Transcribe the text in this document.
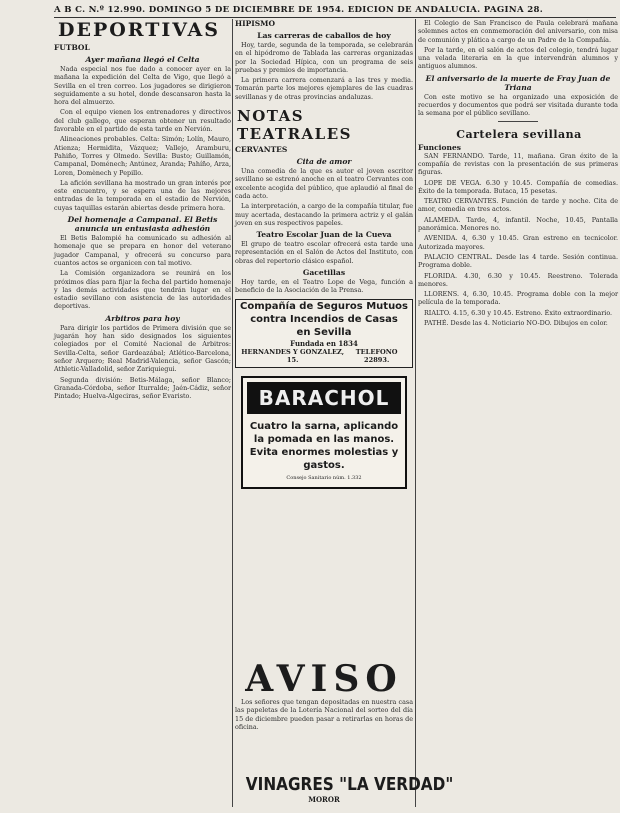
A B C. N.º 12.990. DOMINGO 5 DE DICIEMBRE DE 1954. EDICION DE ANDALUCIA. PAGINA 28.
DEPORTIVAS
FUTBOL
Ayer mañana llegó el Celta

Nada especial nos fue dado a conocer ayer en la mañana la expedición del Celta de Vigo, que llegó a Sevilla en el tren correo. Los jugadores se dirigieron seguidamente a su hotel, donde descansaron hasta la hora del almuerzo.

Con el equipo vienen los entrenadores y directivos del club gallego, que esperan obtener un resultado favorable en el partido de esta tarde en Nervión.

Alineaciones probables. Celta: Simón; Lolín, Mauro, Atienza; Hermidita, Vázquez; Vallejo, Aramburu, Pahiño, Torres y Olmedo. Sevilla: Busto; Guillamón, Campanal, Doménech; Antúnez, Aranda; Pahíño, Arza, Loren, Domènech y Pepillo.

La afición sevillana ha mostrado un gran interés por este encuentro, y se espera una de las mejores entradas de la temporada en el estadio de Nervión, cuyas taquillas estarán abiertas desde primera hora.

Del homenaje a Campanal. El Betis anuncia un entusiasta adhesión

El Betis Balompié ha comunicado su adhesión al homenaje que se prepara en honor del veterano jugador Campanal, y ofrecerá su concurso para cuantos actos se organicen con tal motivo.

La Comisión organizadora se reunirá en los próximos días para fijar la fecha del partido homenaje y las demás actividades que tendrán lugar en el estadio sevillano con asistencia de las autoridades deportivas.

Arbitros para hoy

Para dirigir los partidos de Primera división que se jugarán hoy han sido designados los siguientes colegiados por el Comité Nacional de Arbitros: Sevilla-Celta, señor Gardeazábal; Atlético-Barcelona, señor Arquero; Real Madrid-Valencia, señor Gascón; Athletic-Valladolid, señor Zariquiegui.

Segunda división: Betis-Málaga, señor Blanco; Granada-Córdoba, señor Iturralde; Jaén-Cádiz, señor Pintado; Huelva-Algeciras, señor Evaristo.

HIPISMO
Las carreras de caballos de hoy

Hoy, tarde, segunda de la temporada, se celebrarán en el hipódromo de Tablada las carreras organizadas por la Sociedad Hípica, con un programa de seis pruebas y premios de importancia.

La primera carrera comenzará a las tres y media. Tomarán parte los mejores ejemplares de las cuadras sevillanas y de otras provincias andaluzas.

NOTAS TEATRALES
CERVANTES
Cita de amor

Una comedia de la que es autor el joven escritor sevillano se estrenó anoche en el teatro Cervantes con excelente acogida del público, que aplaudió al final de cada acto.

La interpretación, a cargo de la compañía titular, fue muy acertada, destacando la primera actriz y el galán joven en sus respectivos papeles.

Teatro Escolar Juan de la Cueva

El grupo de teatro escolar ofrecerá esta tarde una representación en el Salón de Actos del Instituto, con obras del repertorio clásico español.

Gacetillas

Hoy tarde, en el Teatro Lope de Vega, función a beneficio de la Asociación de la Prensa.

Compañía de Seguros Mutuos
contra Incendios de Casas
en Sevilla
Fundada en 1834
HERNANDES Y GONZALEZ, 15.
TELEFONO 22893.
BARACHOL
Cuatro la sarna, aplicando la pomada en las manos. Evita enormes molestias y gastos.
Consejo Sanitario núm. 1.332
AVISO

Los señores que tengan depositadas en nuestra casa las papeletas de la Lotería Nacional del sorteo del día 15 de diciembre pueden pasar a retirarlas en horas de oficina.

VINAGRES "LA VERDAD"
MOROR

El Colegio de San Francisco de Paula celebrará mañana solemnes actos en conmemoración del aniversario, con misa de comunión y plática a cargo de un Padre de la Compañía.

Por la tarde, en el salón de actos del colegio, tendrá lugar una velada literaria en la que intervendrán alumnos y antiguos alumnos.

El aniversario de la muerte de Fray Juan de Triana

Con este motivo se ha organizado una exposición de recuerdos y documentos que podrá ser visitada durante toda la semana por el público sevillano.

Cartelera sevillana
Funciones

SAN FERNANDO. Tarde, 11, mañana. Gran éxito de la compañía de revistas con la presentación de sus primeras figuras.

LOPE DE VEGA. 6.30 y 10.45. Compañía de comedias. Éxito de la temporada. Butaca, 15 pesetas.

TEATRO CERVANTES. Función de tarde y noche. Cita de amor, comedia en tres actos.

ALAMEDA. Tarde, 4, infantil. Noche, 10.45, Pantalla panorámica. Menores no.

AVENIDA. 4, 6.30 y 10.45. Gran estreno en tecnicolor. Autorizada mayores.

PALACIO CENTRAL. Desde las 4 tarde. Sesión continua. Programa doble.

FLORIDA. 4.30, 6.30 y 10.45. Reestreno. Tolerada menores.

LLORENS. 4, 6.30, 10.45. Programa doble con la mejor película de la temporada.

RIALTO. 4.15, 6.30 y 10.45. Estreno. Éxito extraordinario.

PATHÉ. Desde las 4. Noticiario NO-DO. Dibujos en color.
